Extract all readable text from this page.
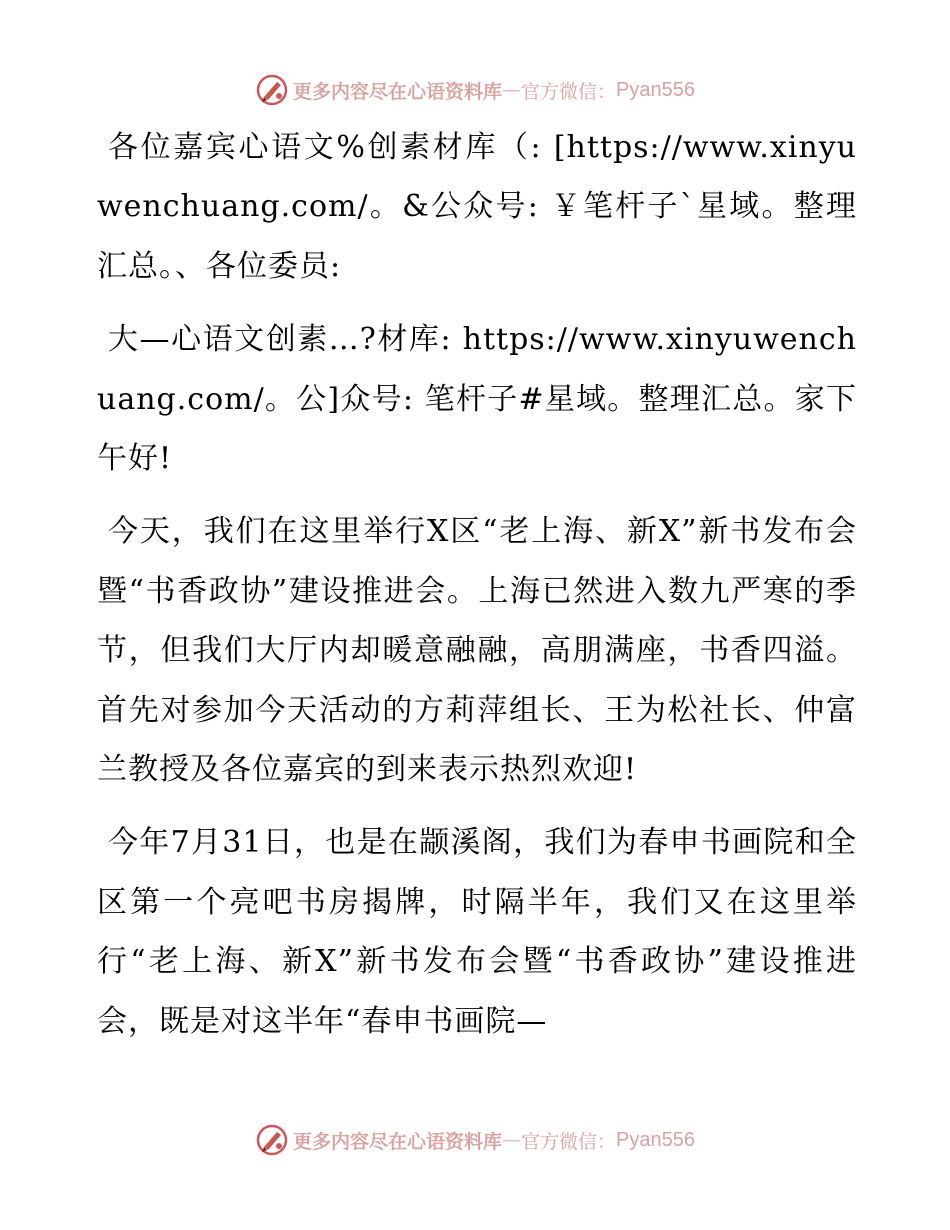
更多内容尽在心语资料库 — 官方微信： Pyan556

各位嘉宾心语文%创素材库（: [https://www.xinyuwenchuang.com/。&公众号: ￥笔杆子`星域。整理汇总。、各位委员:

大—心语文创素…?材库: https://www.xinyuwenchuang.com/。公]众号: 笔杆子#星域。整理汇总。家下午好!

今天，我们在这里举行X区“老上海、新X”新书发布会暨“书香政协”建设推进会。上海已然进入数九严寒的季节，但我们大厅内却暖意融融，高朋满座，书香四溢。首先对参加今天活动的方莉萍组长、王为松社长、仲富兰教授及各位嘉宾的到来表示热烈欢迎!

今年7月31日，也是在颛溪阁，我们为春申书画院和全区第一个亮吧书房揭牌，时隔半年，我们又在这里举行“老上海、新X”新书发布会暨“书香政协”建设推进会，既是对这半年“春申书画院—

更多内容尽在心语资料库 — 官方微信： Pyan556
